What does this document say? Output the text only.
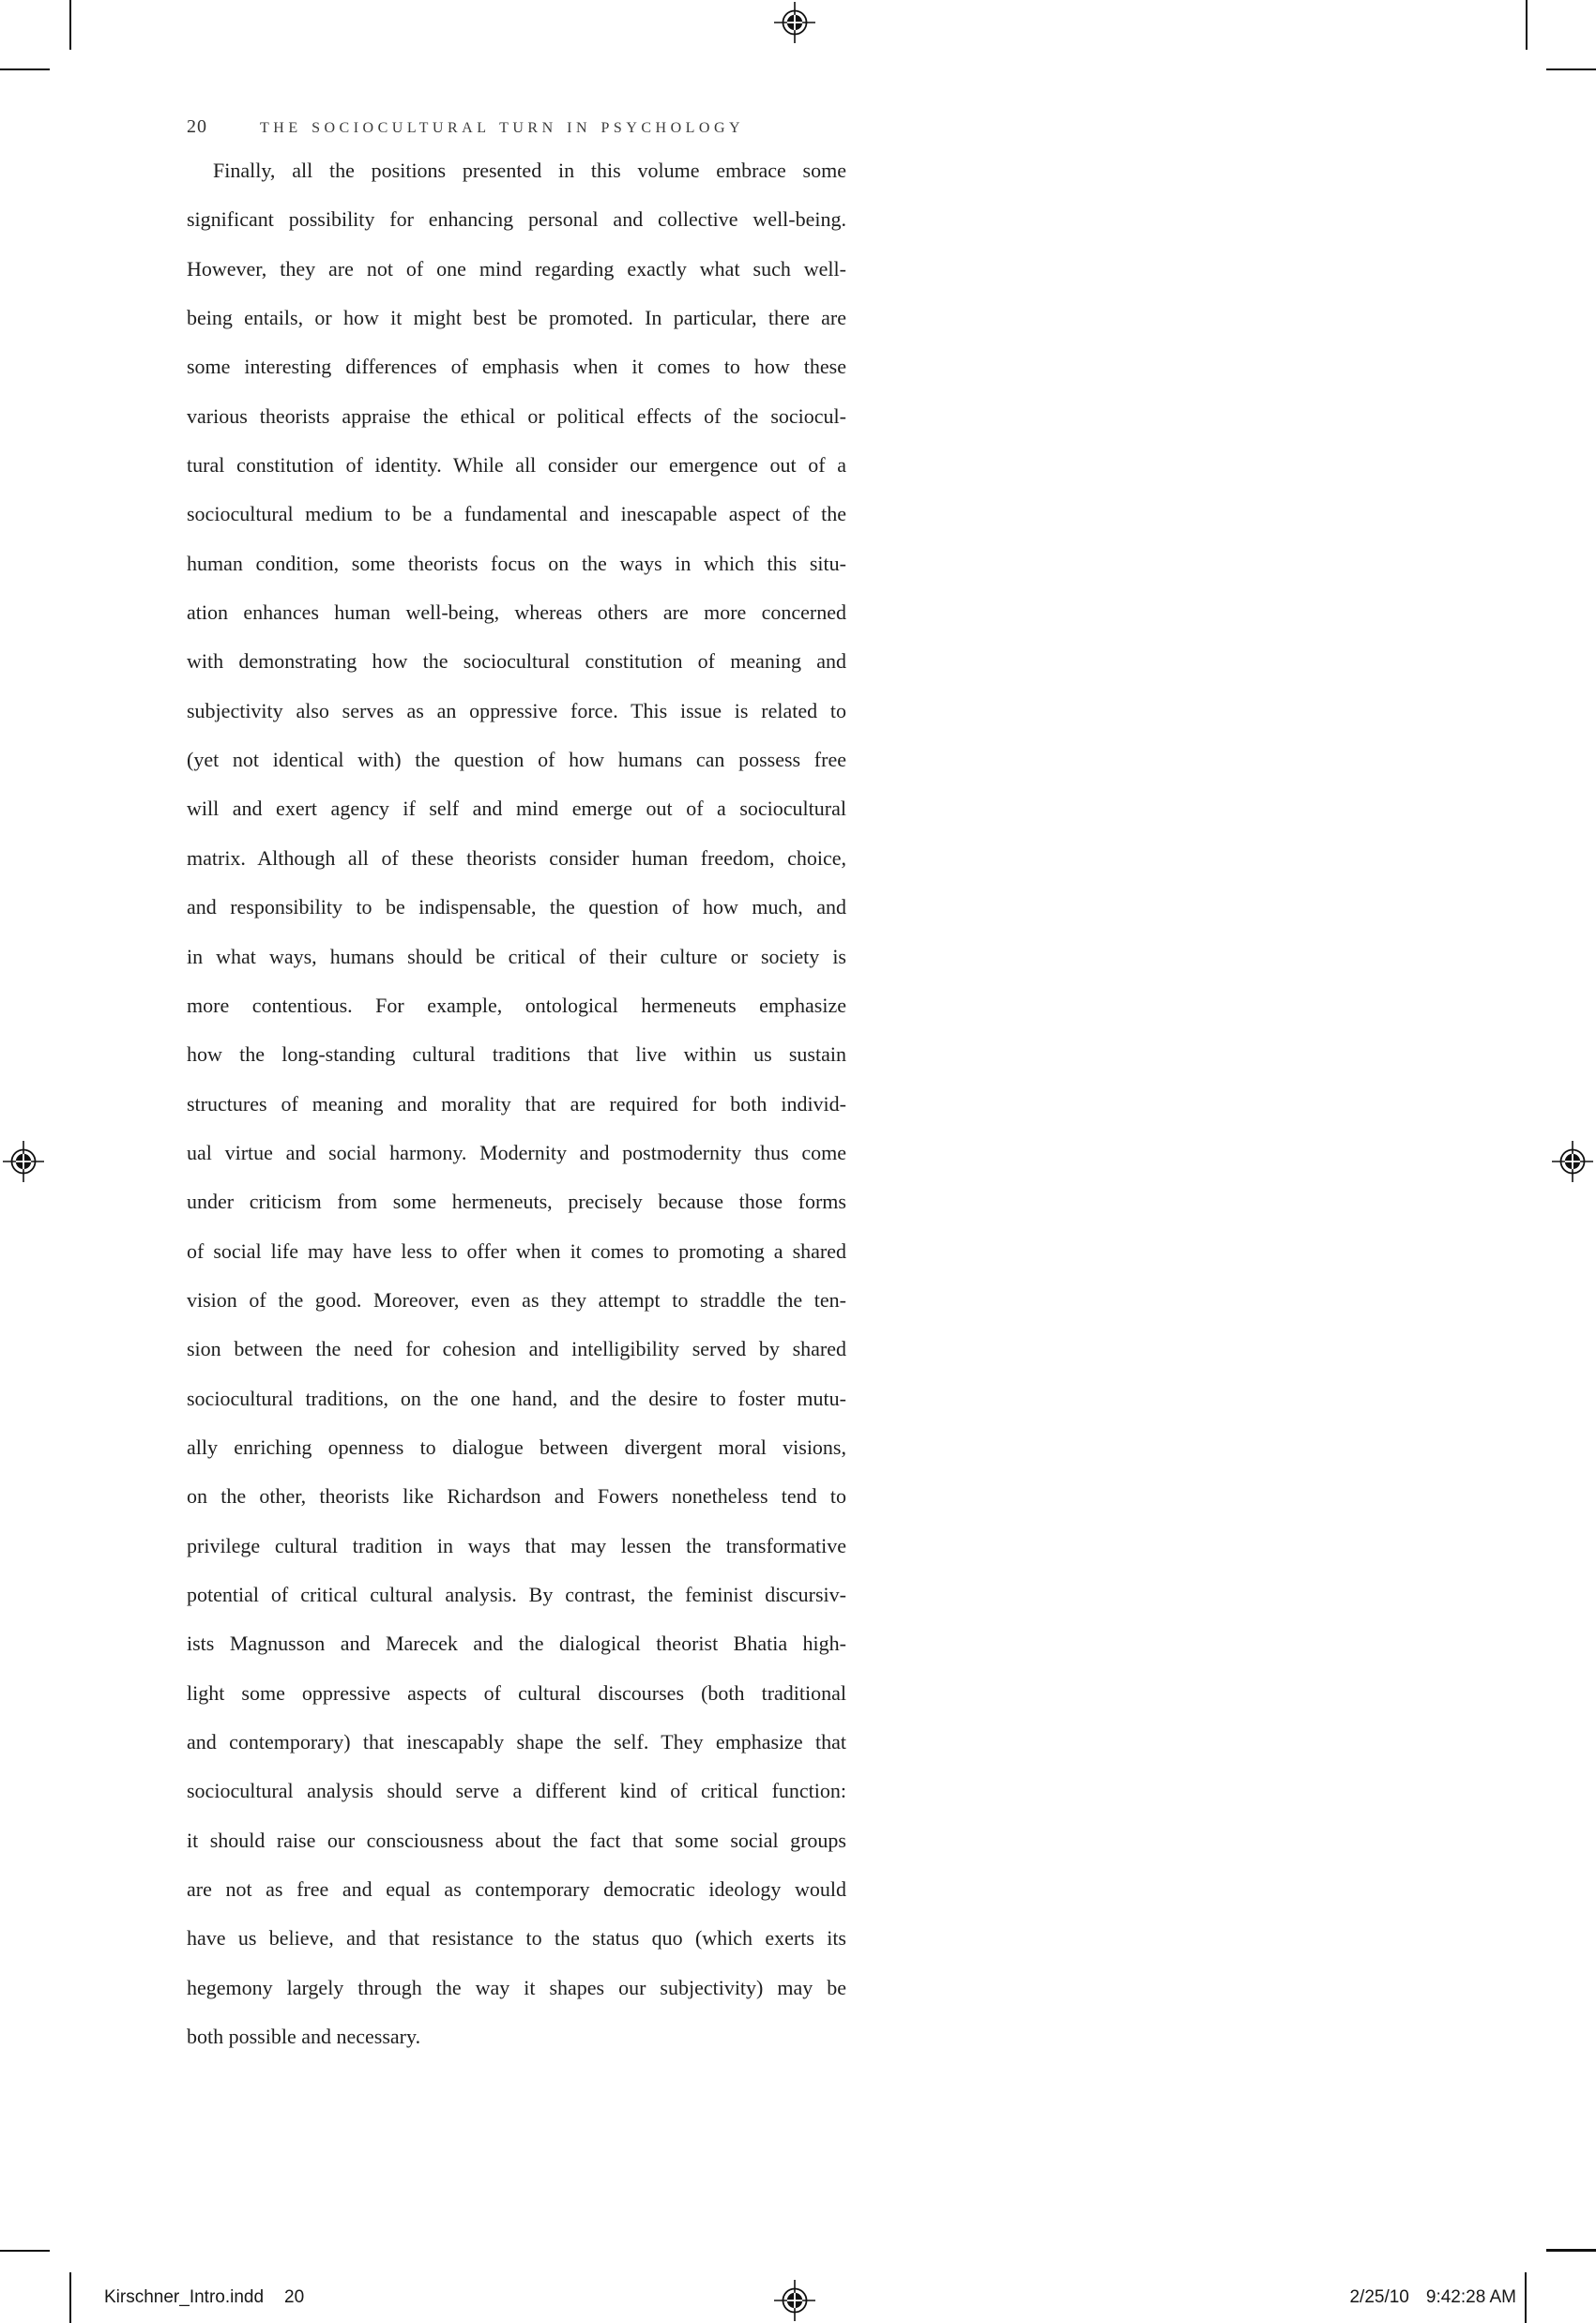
20	THE SOCIOCULTURAL TURN IN PSYCHOLOGY
Finally, all the positions presented in this volume embrace some
significant possibility for enhancing personal and collective well-being.
However, they are not of one mind regarding exactly what such well-
being entails, or how it might best be promoted. In particular, there are
some interesting differences of emphasis when it comes to how these
various theorists appraise the ethical or political effects of the sociocul-
tural constitution of identity. While all consider our emergence out of a
sociocultural medium to be a fundamental and inescapable aspect of the
human condition, some theorists focus on the ways in which this situ-
ation enhances human well-being, whereas others are more concerned
with demonstrating how the sociocultural constitution of meaning and
subjectivity also serves as an oppressive force. This issue is related to
(yet not identical with) the question of how humans can possess free
will and exert agency if self and mind emerge out of a sociocultural
matrix. Although all of these theorists consider human freedom, choice,
and responsibility to be indispensable, the question of how much, and
in what ways, humans should be critical of their culture or society is
more contentious. For example, ontological hermeneuts emphasize
how the long-standing cultural traditions that live within us sustain
structures of meaning and morality that are required for both individ-
ual virtue and social harmony. Modernity and postmodernity thus come
under criticism from some hermeneuts, precisely because those forms
of social life may have less to offer when it comes to promoting a shared
vision of the good. Moreover, even as they attempt to straddle the ten-
sion between the need for cohesion and intelligibility served by shared
sociocultural traditions, on the one hand, and the desire to foster mutu-
ally enriching openness to dialogue between divergent moral visions,
on the other, theorists like Richardson and Fowers nonetheless tend to
privilege cultural tradition in ways that may lessen the transformative
potential of critical cultural analysis. By contrast, the feminist discursiv-
ists Magnusson and Marecek and the dialogical theorist Bhatia high-
light some oppressive aspects of cultural discourses (both traditional
and contemporary) that inescapably shape the self. They emphasize that
sociocultural analysis should serve a different kind of critical function:
it should raise our consciousness about the fact that some social groups
are not as free and equal as contemporary democratic ideology would
have us believe, and that resistance to the status quo (which exerts its
hegemony largely through the way it shapes our subjectivity) may be
both possible and necessary.
Kirschner_Intro.indd 20	2/25/10 9:42:28 AM
